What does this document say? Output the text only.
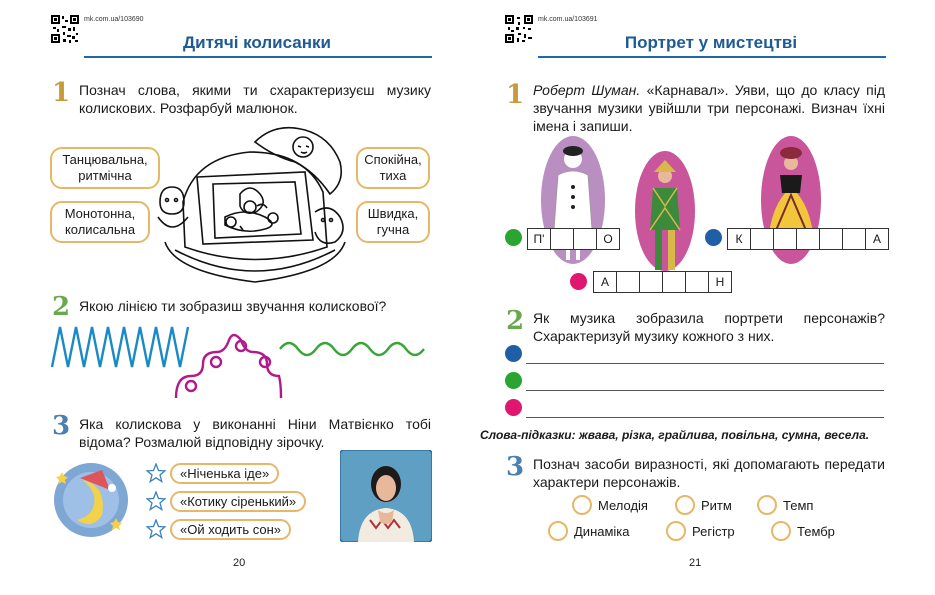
mk.com.ua/103690
Дитячі колисанки
1 Познач слова, якими ти схарактеризуєш музику колискових. Розфарбуй малюнок.
Танцювальна, ритмічна
Монотонна, колиcальна
Спокійна, тиха
Швидка, гучна
2 Якою лінією ти зобразиш звучання колискової?
3 Яка колискова у виконанні Ніни Матвієнко тобі відома? Розмалюй відповідну зірочку.
«Ніченька іде»
«Котику сіренький»
«Ой ходить сон»
20
mk.com.ua/103691
Портрет у мистецтві
1 Роберт Шуман. «Карнавал». Уяви, що до класу під звучання музики увійшли три персонажі. Визнач їхні імена і запиши.
П'	О	К	А
А	Н
2 Як музика зобразила портрети персонажів? Схарактеризуй музику кожного з них.
Слова-підказки: жвава, різка, грайлива, повільна, сумна, весела.
3 Познач засоби виразності, які допомагають передати характери персонажів.
Мелодія	Ритм	Темп
Динаміка	Регістр	Тембр
21
